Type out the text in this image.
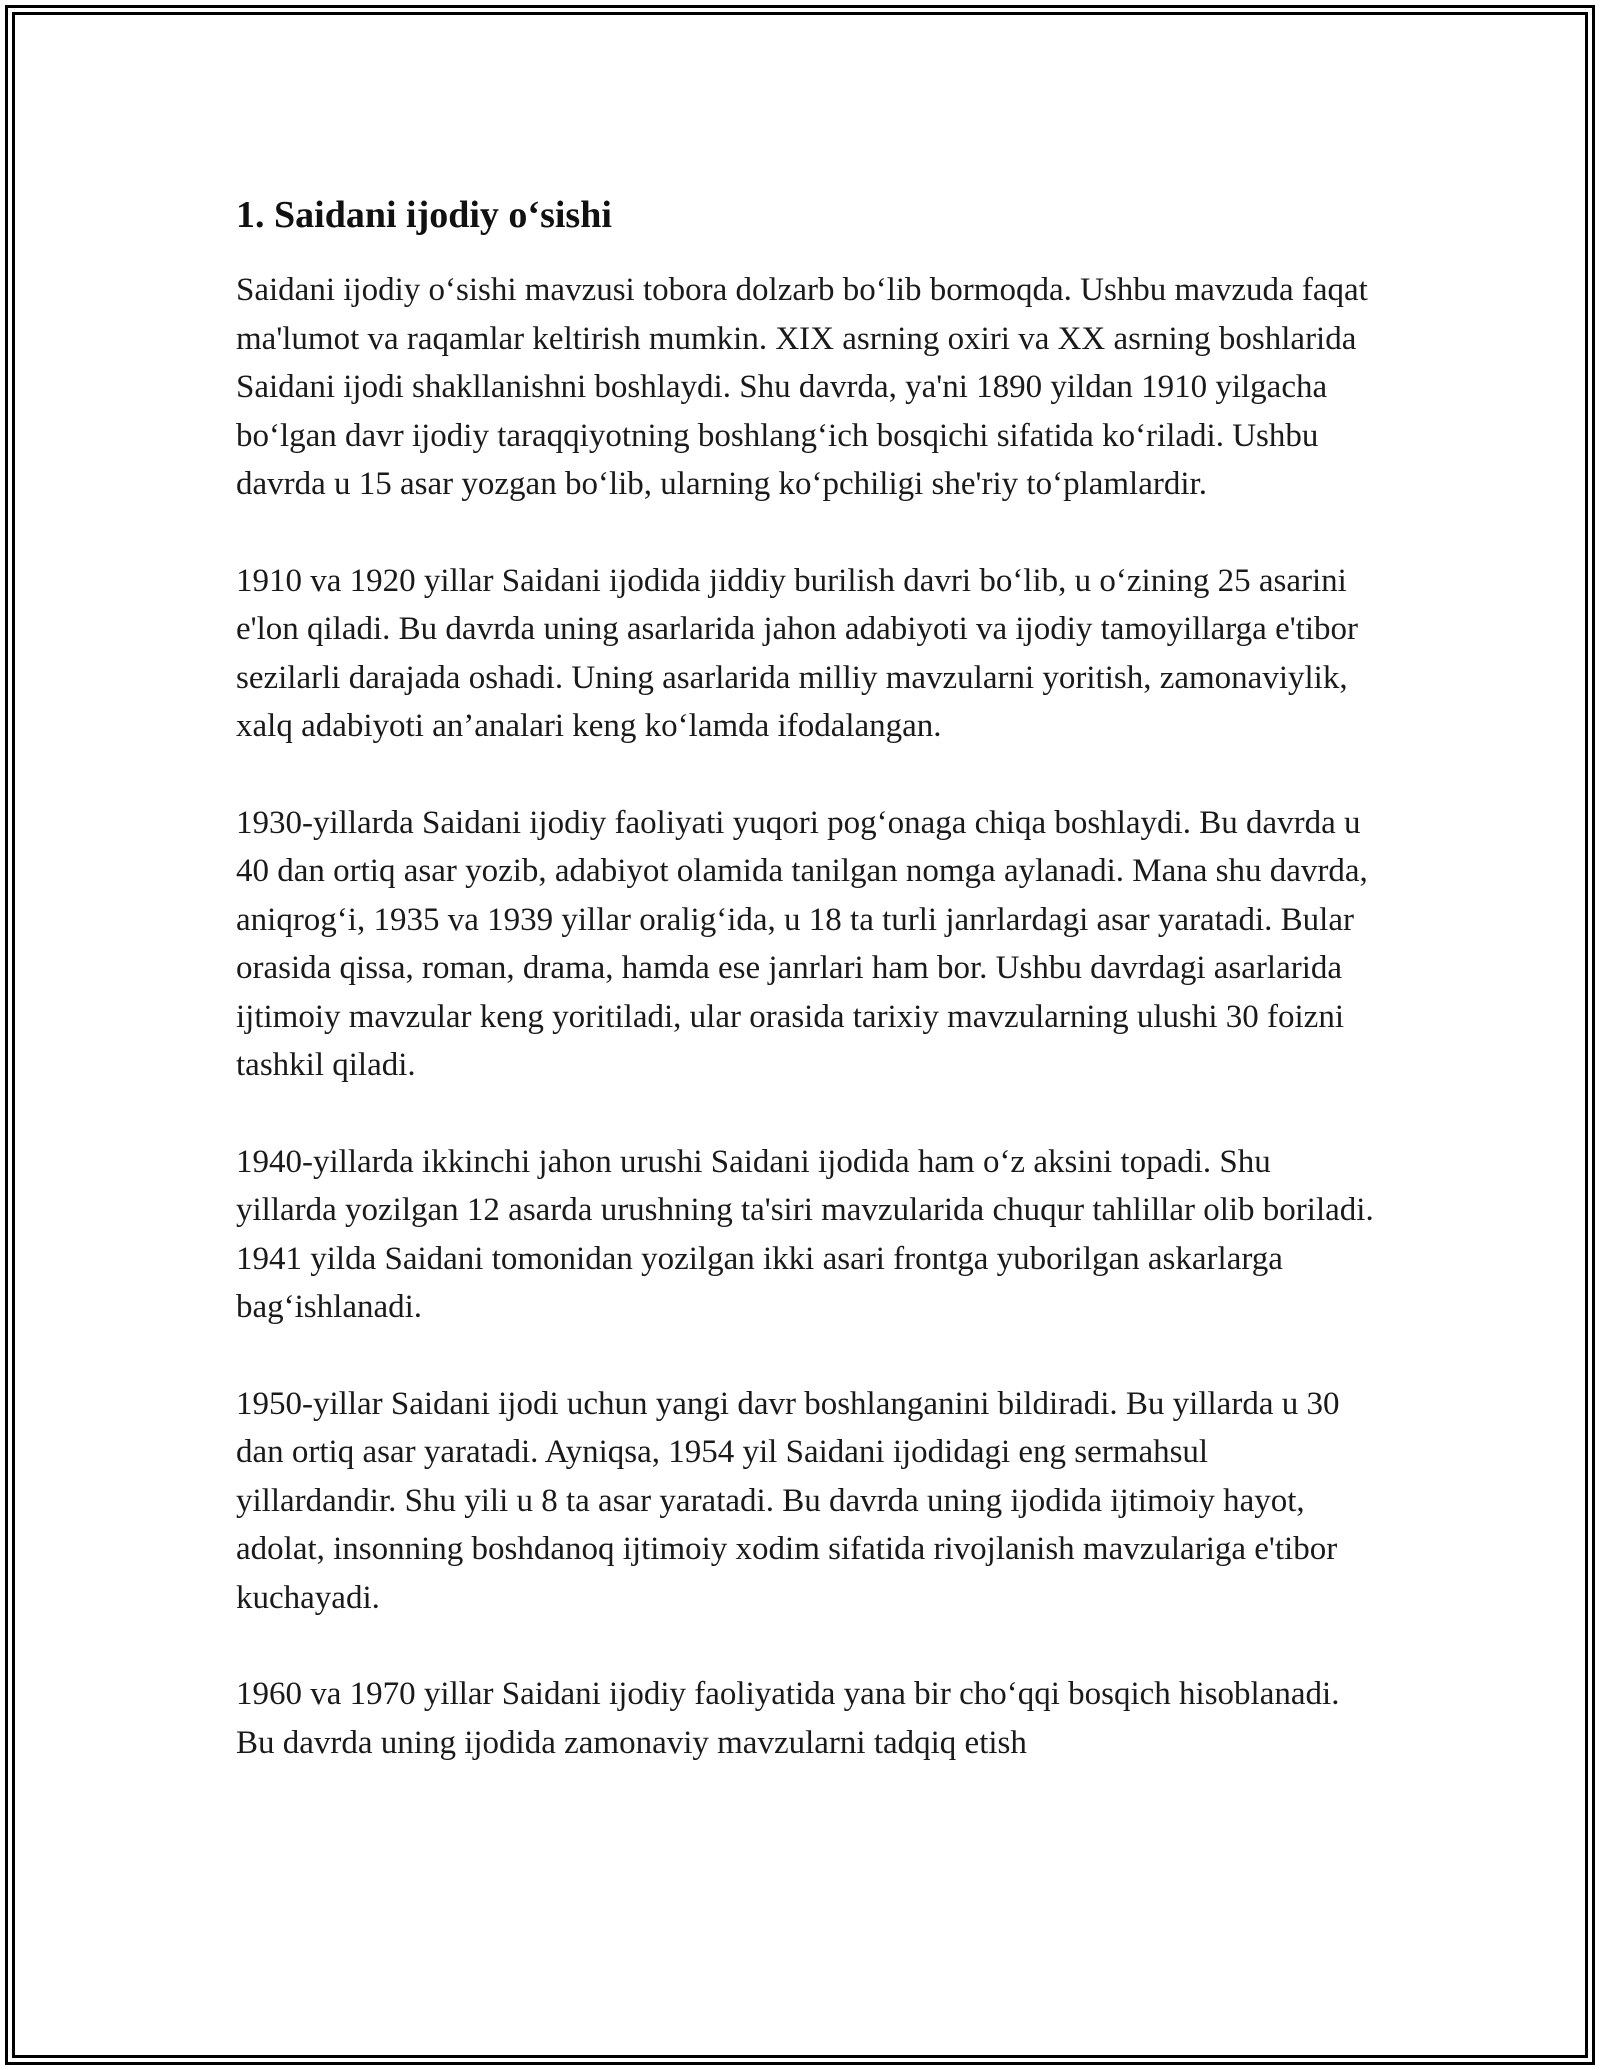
1. Saidani ijodiy o‘sishi

Saidani ijodiy o‘sishi mavzusi tobora dolzarb bo‘lib bormoqda. Ushbu mavzuda faqat ma'lumot va raqamlar keltirish mumkin. XIX asrning oxiri va XX asrning boshlarida Saidani ijodi shakllanishni boshlaydi. Shu davrda, ya'ni 1890 yildan 1910 yilgacha bo‘lgan davr ijodiy taraqqiyotning boshlang‘ich bosqichi sifatida ko‘riladi. Ushbu davrda u 15 asar yozgan bo‘lib, ularning ko‘pchiligi she'riy to‘plamlardir.

1910 va 1920 yillar Saidani ijodida jiddiy burilish davri bo‘lib, u o‘zining 25 asarini e'lon qiladi. Bu davrda uning asarlarida jahon adabiyoti va ijodiy tamoyillarga e'tibor sezilarli darajada oshadi. Uning asarlarida milliy mavzularni yoritish, zamonaviylik, xalq adabiyoti an’analari keng ko‘lamda ifodalangan.

1930-yillarda Saidani ijodiy faoliyati yuqori pog‘onaga chiqa boshlaydi. Bu davrda u 40 dan ortiq asar yozib, adabiyot olamida tanilgan nomga aylanadi. Mana shu davrda, aniqrog‘i, 1935 va 1939 yillar oralig‘ida, u 18 ta turli janrlardagi asar yaratadi. Bular orasida qissa, roman, drama, hamda ese janrlari ham bor. Ushbu davrdagi asarlarida ijtimoiy mavzular keng yoritiladi, ular orasida tarixiy mavzularning ulushi 30 foizni tashkil qiladi.

1940-yillarda ikkinchi jahon urushi Saidani ijodida ham o‘z aksini topadi. Shu yillarda yozilgan 12 asarda urushning ta'siri mavzularida chuqur tahlillar olib boriladi. 1941 yilda Saidani tomonidan yozilgan ikki asari frontga yuborilgan askarlarga bag‘ishlanadi.

1950-yillar Saidani ijodi uchun yangi davr boshlanganini bildiradi. Bu yillarda u 30 dan ortiq asar yaratadi. Ayniqsa, 1954 yil Saidani ijodidagi eng sermahsul yillardandir. Shu yili u 8 ta asar yaratadi. Bu davrda uning ijodida ijtimoiy hayot, adolat, insonning boshdanoq ijtimoiy xodim sifatida rivojlanish mavzulariga e'tibor kuchayadi.

1960 va 1970 yillar Saidani ijodiy faoliyatida yana bir cho‘qqi bosqich hisoblanadi. Bu davrda uning ijodida zamonaviy mavzularni tadqiq etish
